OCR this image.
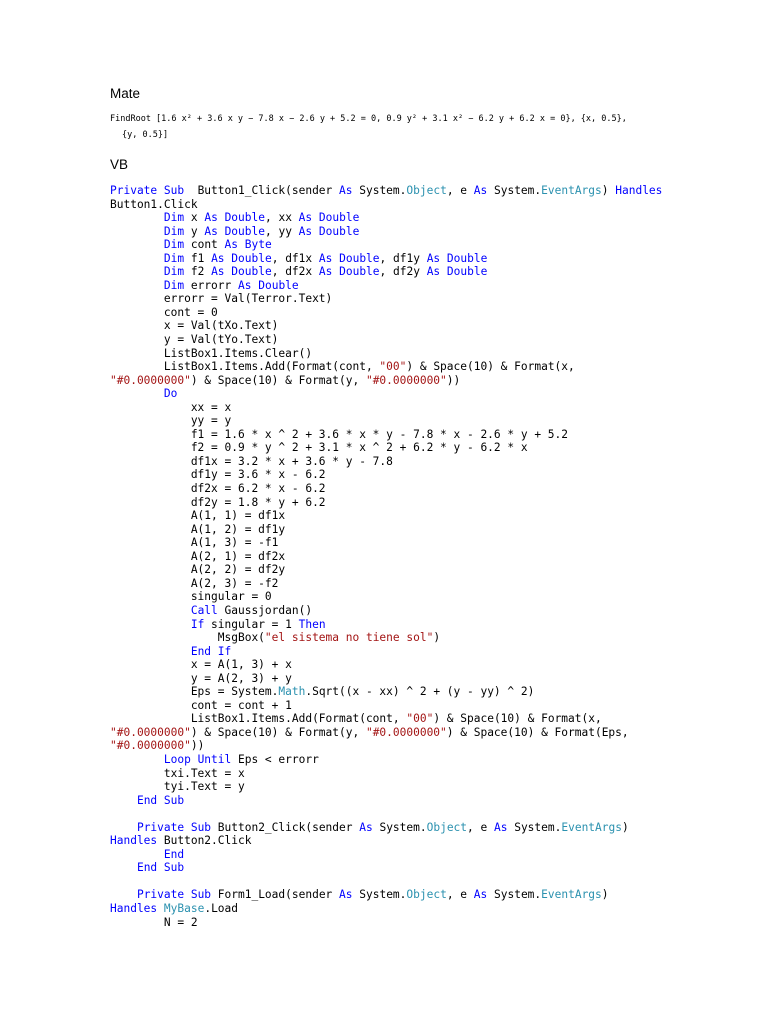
Mate
FindRoot [1.6 x² + 3.6 x y − 7.8 x − 2.6 y + 5.2 = 0, 0.9 y² + 3.1 x² − 6.2 y + 6.2 x = 0}, {x, 0.5},
{y, 0.5}]
VB
Private Sub  Button1_Click(sender As System.Object, e As System.EventArgs) Handles
Button1.Click
Dim x As Double, xx As Double
Dim y As Double, yy As Double
Dim cont As Byte
Dim f1 As Double, df1x As Double, df1y As Double
Dim f2 As Double, df2x As Double, df2y As Double
Dim errorr As Double
errorr = Val(Terror.Text)
cont = 0
x = Val(tXo.Text)
y = Val(tYo.Text)
ListBox1.Items.Clear()
ListBox1.Items.Add(Format(cont, "00") & Space(10) & Format(x,
"#0.0000000") & Space(10) & Format(y, "#0.0000000"))
Do
xx = x
yy = y
f1 = 1.6 * x ^ 2 + 3.6 * x * y - 7.8 * x - 2.6 * y + 5.2
f2 = 0.9 * y ^ 2 + 3.1 * x ^ 2 + 6.2 * y - 6.2 * x
df1x = 3.2 * x + 3.6 * y - 7.8
df1y = 3.6 * x - 6.2
df2x = 6.2 * x - 6.2
df2y = 1.8 * y + 6.2
A(1, 1) = df1x
A(1, 2) = df1y
A(1, 3) = -f1
A(2, 1) = df2x
A(2, 2) = df2y
A(2, 3) = -f2
singular = 0
Call Gaussjordan()
If singular = 1 Then
MsgBox("el sistema no tiene sol")
End If
x = A(1, 3) + x
y = A(2, 3) + y
Eps = System.Math.Sqrt((x - xx) ^ 2 + (y - yy) ^ 2)
cont = cont + 1
ListBox1.Items.Add(Format(cont, "00") & Space(10) & Format(x,
"#0.0000000") & Space(10) & Format(y, "#0.0000000") & Space(10) & Format(Eps,
"#0.0000000"))
Loop Until Eps < errorr
txi.Text = x
tyi.Text = y
End Sub
Private Sub Button2_Click(sender As System.Object, e As System.EventArgs)
Handles Button2.Click
End
End Sub
Private Sub Form1_Load(sender As System.Object, e As System.EventArgs)
Handles MyBase.Load
N = 2
